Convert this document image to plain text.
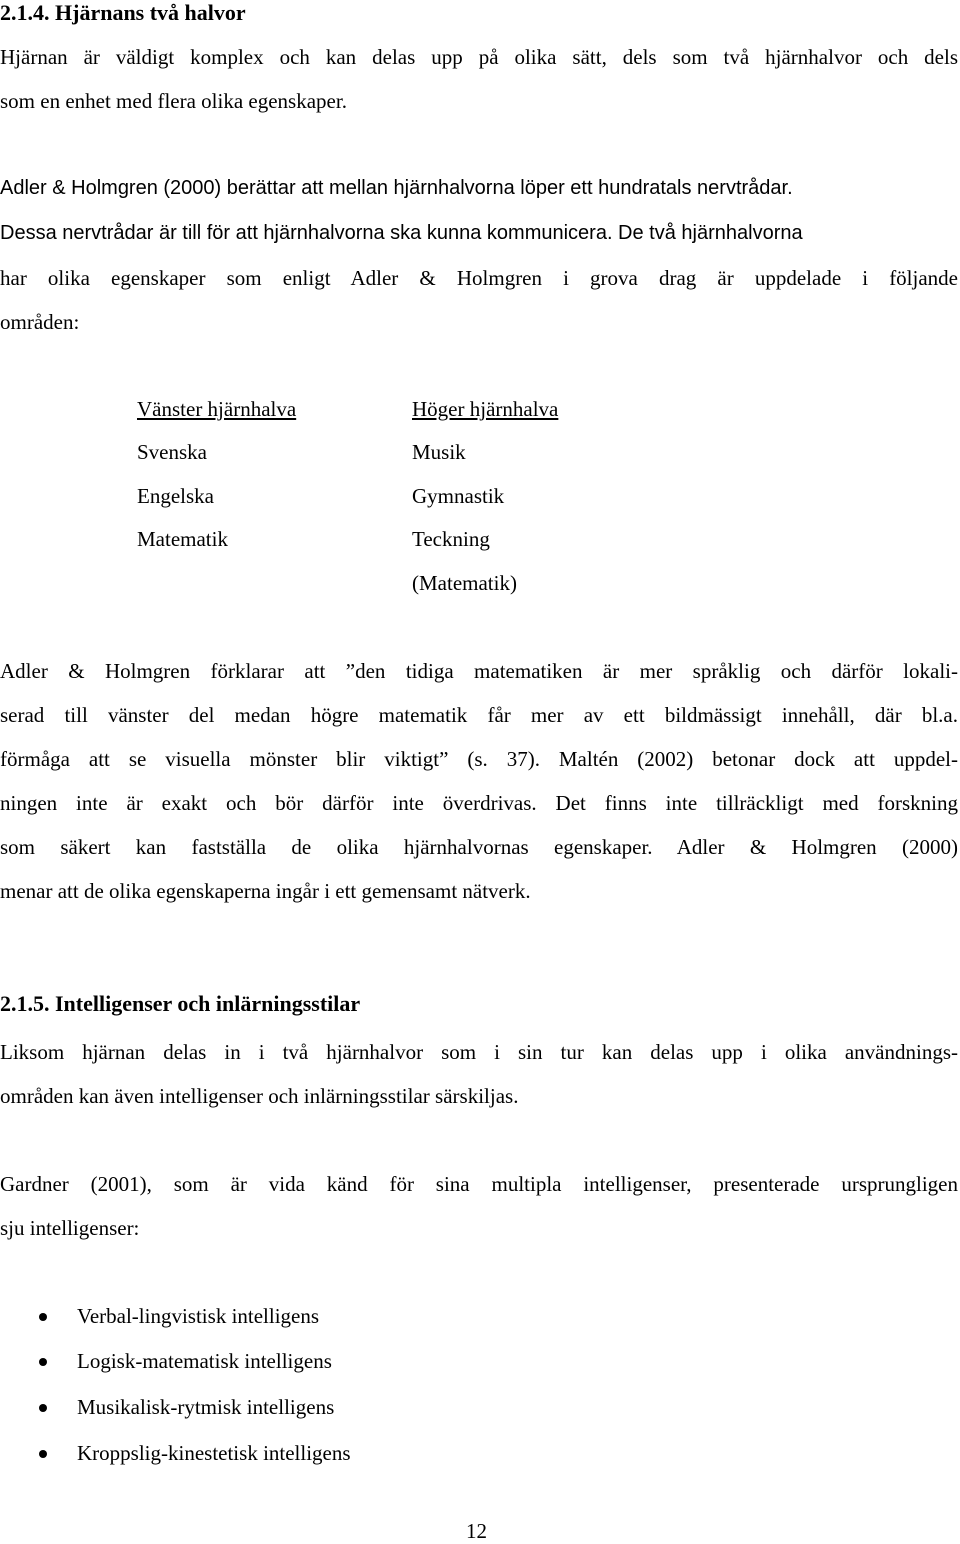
2.1.4. Hjärnans två halvor
Hjärnan är väldigt komplex och kan delas upp på olika sätt, dels som två hjärnhalvor och dels
som en enhet med flera olika egenskaper.
Adler & Holmgren (2000) berättar att mellan hjärnhalvorna löper ett hundratals nervtrådar.
Dessa nervtrådar är till för att hjärnhalvorna ska kunna kommunicera. De två hjärnhalvorna
har olika egenskaper som enligt Adler & Holmgren i grova drag är uppdelade i följande
områden:
Vänster hjärnhalva
Svenska
Engelska
Matematik
Höger hjärnhalva
Musik
Gymnastik
Teckning
(Matematik)
Adler & Holmgren förklarar att ”den tidiga matematiken är mer språklig och därför lokali-
serad till vänster del medan högre matematik får mer av ett bildmässigt innehåll, där bl.a.
förmåga att se visuella mönster blir viktigt” (s. 37). Maltén (2002) betonar dock att uppdel-
ningen inte är exakt och bör därför inte överdrivas. Det finns inte tillräckligt med forskning
som säkert kan fastställa de olika hjärnhalvornas egenskaper. Adler & Holmgren (2000)
menar att de olika egenskaperna ingår i ett gemensamt nätverk.
2.1.5. Intelligenser och inlärningsstilar
Liksom hjärnan delas in i två hjärnhalvor som i sin tur kan delas upp i olika användnings-
områden kan även intelligenser och inlärningsstilar särskiljas.
Gardner (2001), som är vida känd för sina multipla intelligenser, presenterade ursprungligen
sju intelligenser:
Verbal-lingvistisk intelligens
Logisk-matematisk intelligens
Musikalisk-rytmisk intelligens
Kroppslig-kinestetisk intelligens
12
